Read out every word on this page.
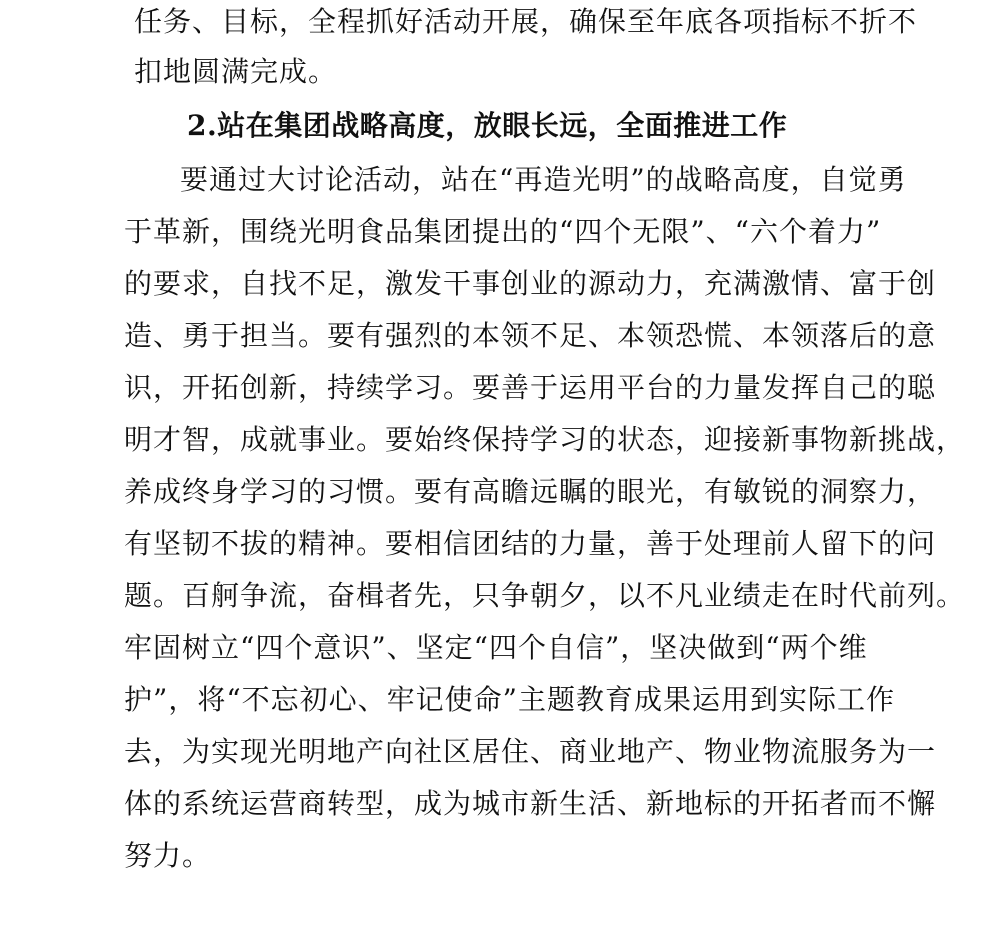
任务、目标，全程抓好活动开展，确保至年底各项指标不折不
扣地圆满完成。
2.站在集团战略高度，放眼长远，全面推进工作
要通过大讨论活动，站在“再造光明”的战略高度，自觉勇
于革新，围绕光明食品集团提出的“四个无限”、“六个着力”
的要求，自找不足，激发干事创业的源动力，充满激情、富于创
造、勇于担当。要有强烈的本领不足、本领恐慌、本领落后的意
识，开拓创新，持续学习。要善于运用平台的力量发挥自己的聪
明才智，成就事业。要始终保持学习的状态，迎接新事物新挑战，
养成终身学习的习惯。要有高瞻远瞩的眼光，有敏锐的洞察力，
有坚韧不拔的精神。要相信团结的力量，善于处理前人留下的问
题。百舸争流，奋楫者先，只争朝夕，以不凡业绩走在时代前列。
牢固树立“四个意识”、坚定“四个自信”，坚决做到“两个维
护”，将“不忘初心、牢记使命”主题教育成果运用到实际工作
去，为实现光明地产向社区居住、商业地产、物业物流服务为一
体的系统运营商转型，成为城市新生活、新地标的开拓者而不懈
努力。
